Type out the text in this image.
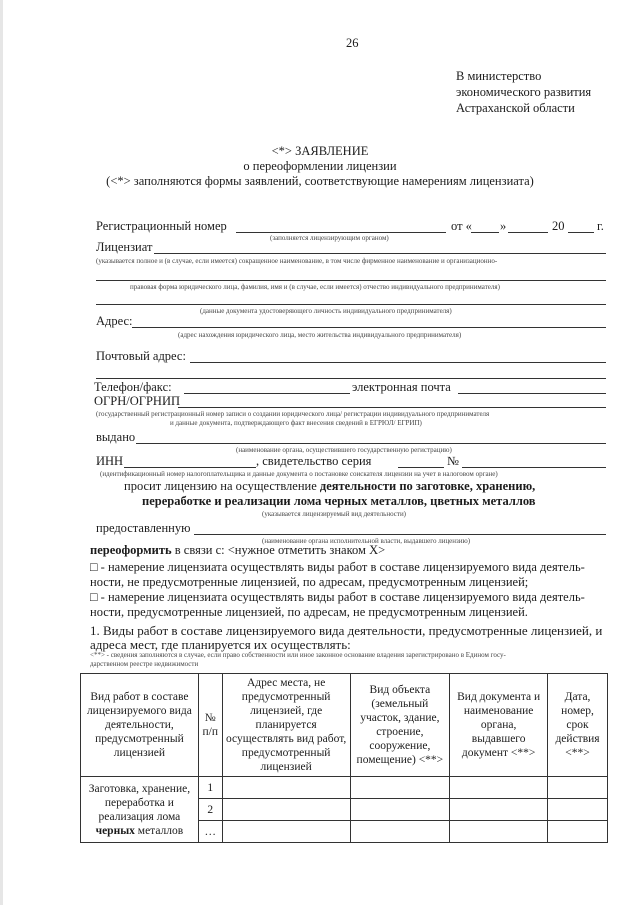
26
В министерство
экономического развития
Астраханской области
<*> ЗАЯВЛЕНИЕ
о переоформлении лицензии
(<*> заполняются формы заявлений, соответствующие намерениям лицензиата)
Регистрационный номер	от « »	20	г.
(заполняется лицензирующим органом)
Лицензиат
(указывается полное и (в случае, если имеется) сокращенное наименование, в том числе фирменное наименование и организационно-
правовая форма юридического лица, фамилия, имя и (в случае, если имеется) отчество индивидуального предпринимателя)
(данные документа удостоверяющего личность индивидуального предпринимателя)
Адрес:
(адрес нахождения юридического лица, место жительства индивидуального предпринимателя)
Почтовый адрес:
Телефон/факс:	электронная почта
ОГРН/ОГРНИП
(государственный регистрационный номер записи о создании юридического лица/ регистрации индивидуального предпринимателя
и данные документа, подтверждающего факт внесения сведений в ЕГРЮЛ/ ЕГРИП)
выдано
(наименование органа, осуществившего государственную регистрацию)
ИНН	, свидетельство серия	№
(идентификационный номер налогоплательщика и данные документа о постановке соискателя лицензии на учет в налоговом органе)
просит лицензию на осуществление деятельности по заготовке, хранению,
переработке и реализации лома черных металлов, цветных металлов
(указывается лицензируемый вид деятельности)
предоставленную
(наименование органа исполнительной власти, выдавшего лицензию)
переоформить в связи с: <нужное отметить знаком X>
□ - намерение лицензиата осуществлять виды работ в составе лицензируемого вида деятель-
ности, не предусмотренные лицензией, по адресам, предусмотренным лицензией;
□ - намерение лицензиата осуществлять виды работ в составе лицензируемого вида деятель-
ности, предусмотренные лицензией, по адресам, не предусмотренным лицензией.
1. Виды работ в составе лицензируемого вида деятельности, предусмотренные лицензией, и
адреса мест, где планируется их осуществлять:
<**> - сведения заполняются в случае, если право собственности или иное законное основание владения зарегистрировано в Едином госу-
дарственном реестре недвижимости
Вид работ в составе лицензируемого вида деятельности, предусмотренный лицензией	№ п/п	Адрес места, не предусмотренный лицензией, где планируется осуществлять вид работ, предусмотренный лицензией	Вид объекта (земельный участок, здание, строение, сооружение, помещение) <**>	Вид документа и наименование органа, выдавшего документ <**>	Дата, номер, срок действия <**>
Заготовка, хранение, переработка и реализация лома черных металлов	1				
	2				
	…				
